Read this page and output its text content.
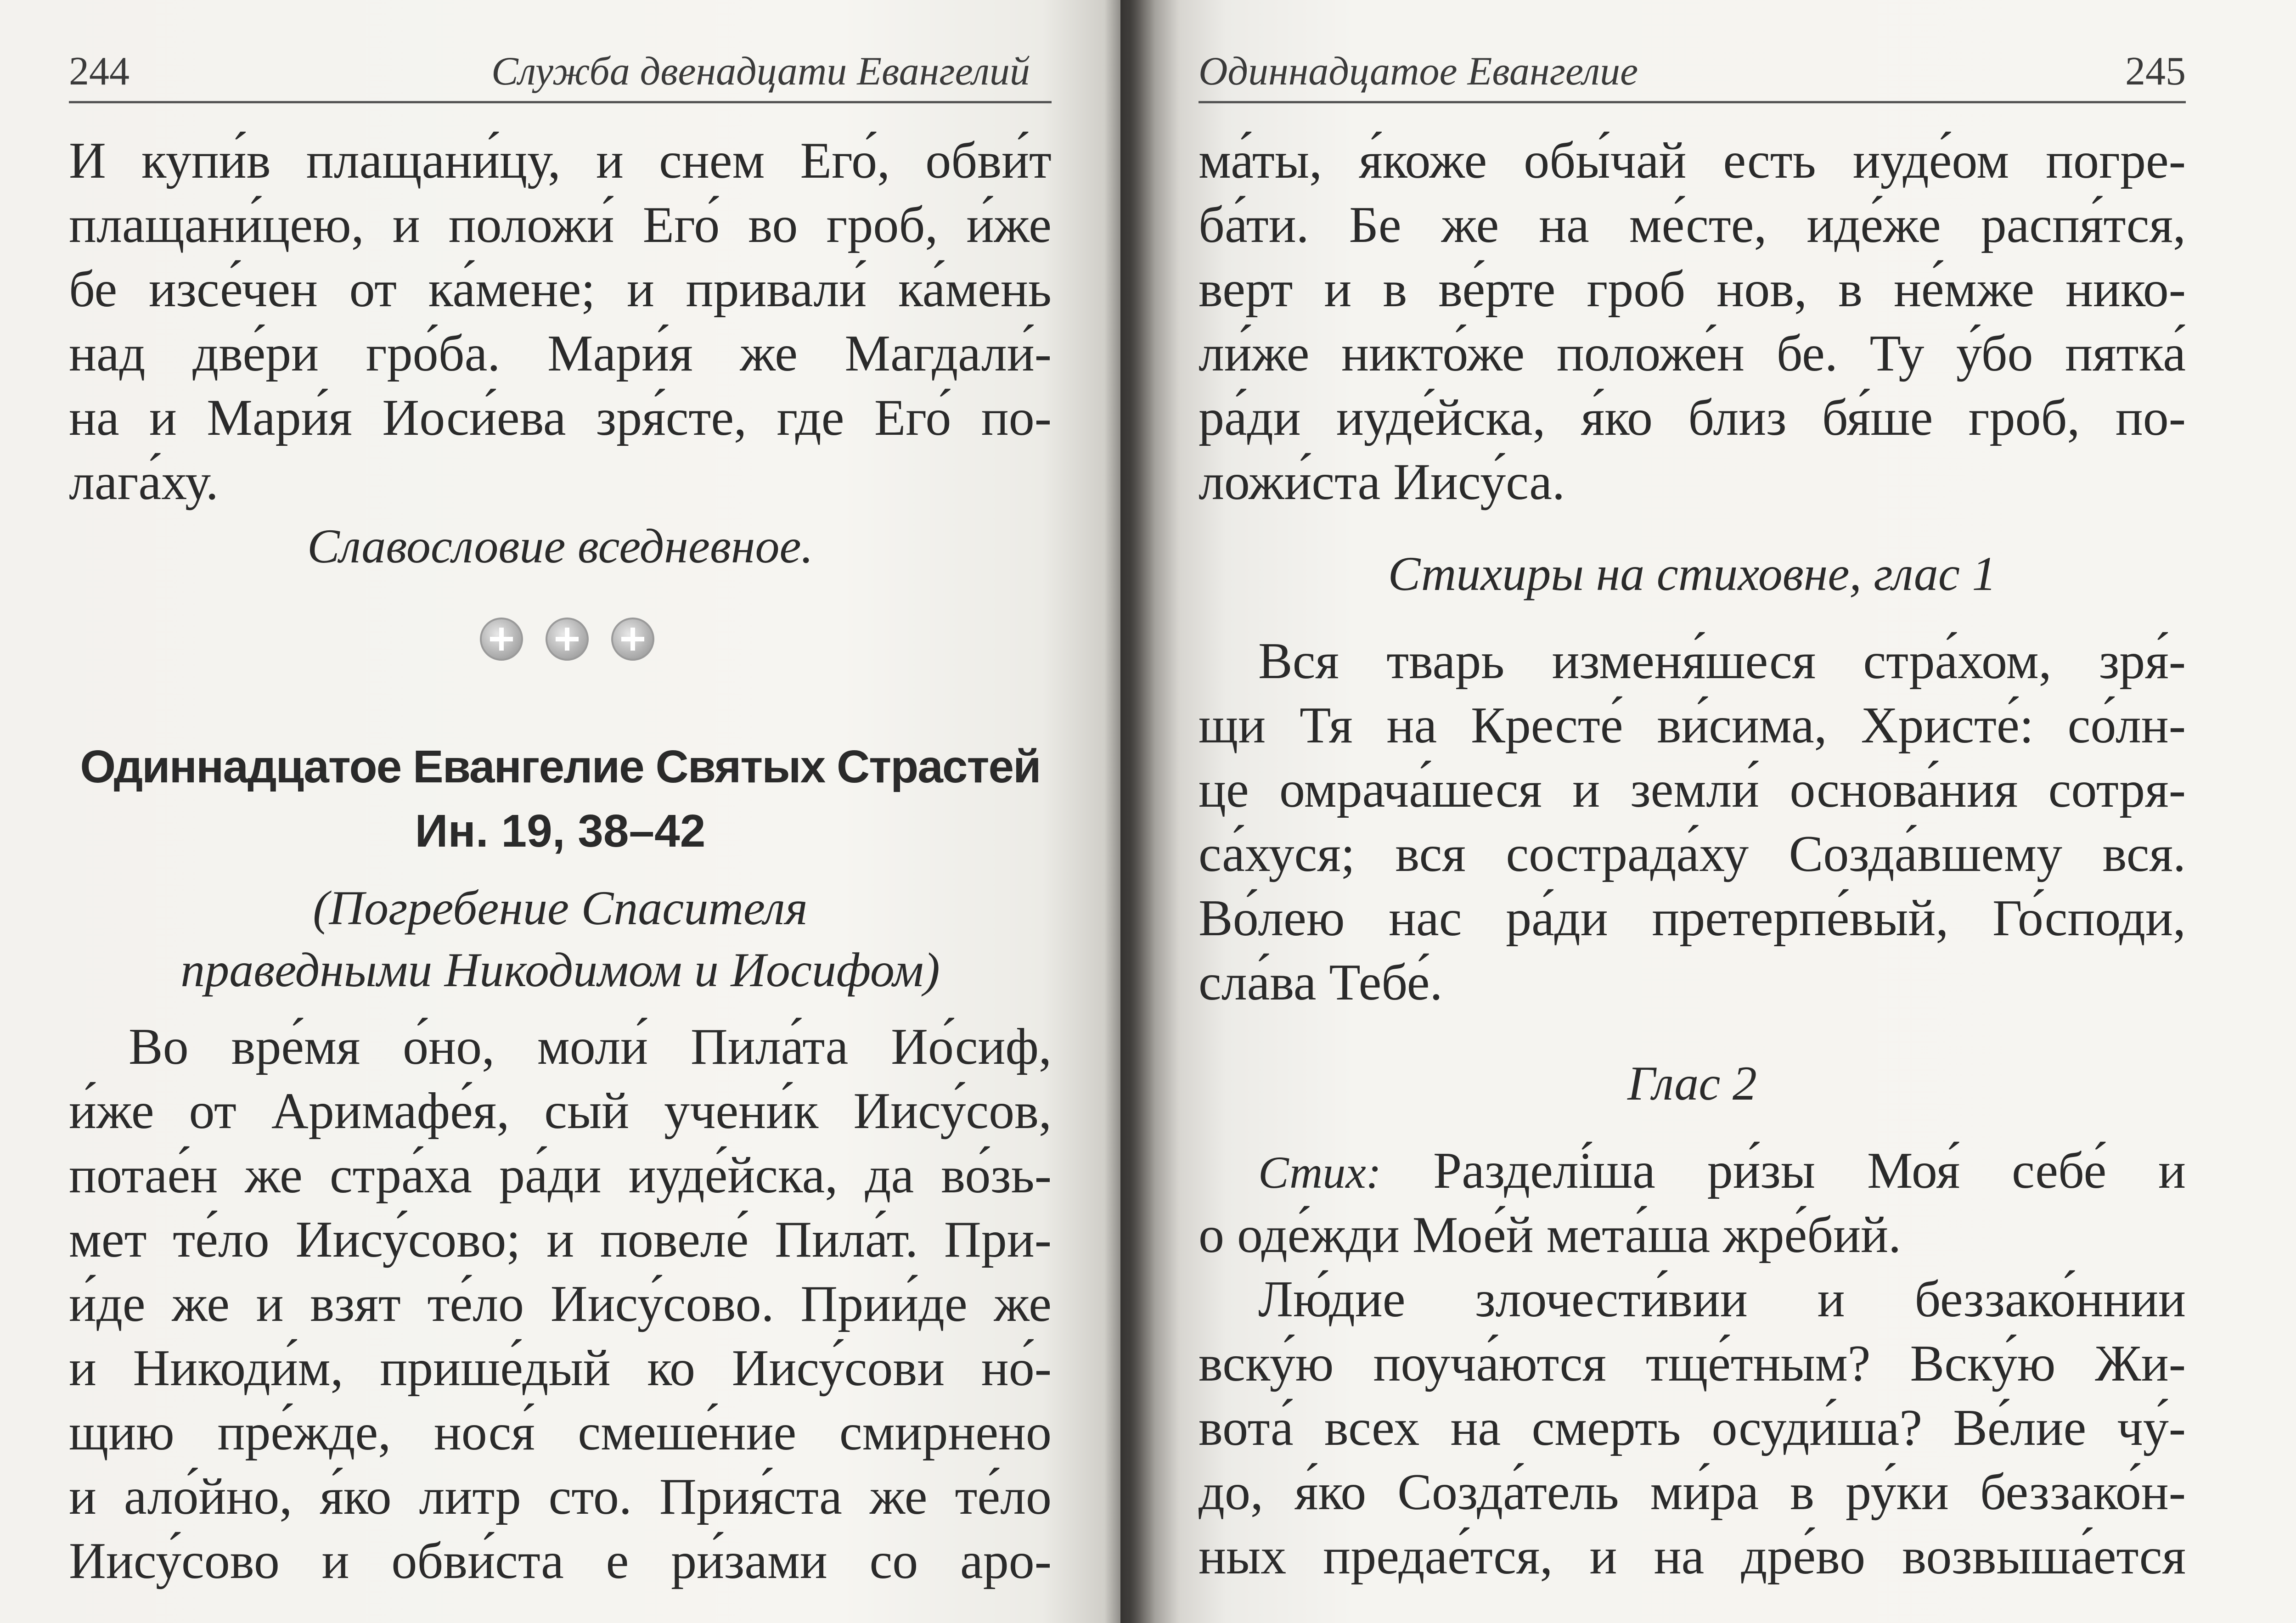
244	Служба двенадцати Евангелий
И купи́в плащани́цу, и снем Его́, обви́т
плащани́цею, и положи́ Его́ во гроб, и́же
бе изсе́чен от ка́мене; и привали́ ка́мень
над две́ри гро́ба. Мари́я же Магдали́-
на и Мари́я Иоси́ева зря́сте, где Его́ по-
лага́ху.
Славословие вседневное.
Одиннадцатое Евангелие Святых Страстей
Ин. 19, 38–42
(Погребение Спасителя
праведными Никодимом и Иосифом)
Во вре́мя о́но, моли́ Пила́та Ио́сиф,
и́же от Аримафе́я, сый учени́к Иису́сов,
потае́н же стра́ха ра́ди иуде́йска, да во́зь-
мет те́ло Иису́сово; и повеле́ Пила́т. При-
и́де же и взят те́ло Иису́сово. Прии́де же
и Никоди́м, прише́дый ко Иису́сови но́-
щию пре́жде, нося́ смеше́ние смирнено
и ало́йно, я́ко литр сто. Прия́ста же те́ло
Иису́сово и обви́ста е ри́зами со аро-
Одиннадцатое Евангелие	245
ма́ты, я́коже обы́чай есть иуде́ом погре-
ба́ти. Бе же на ме́сте, иде́же распя́тся,
верт и в ве́рте гроб нов, в не́мже нико-
ли́же никто́же положе́н бе. Ту у́бо пятка́
ра́ди иуде́йска, я́ко близ бя́ше гроб, по-
ложи́ста Иису́са.
Стихиры на стиховне, глас 1
Вся тварь изменя́шеся стра́хом, зря́-
щи Тя на Кресте́ ви́сима, Христе́: со́лн-
це омрача́шеся и земли́ основа́ния сотря-
са́хуся; вся сострада́ху Созда́вшему вся.
Во́лею нас ра́ди претерпе́вый, Го́споди,
сла́ва Тебе́.
Глас 2
Стих: Разделі́ша ри́зы Моя́ себе́ и
о оде́жди Мое́й мета́ша жре́бий.
Лю́дие злочести́вии и беззако́ннии
вску́ю поуча́ются тще́тным? Вску́ю Жи-
вота́ всех на смерть осуди́ша? Ве́лие чу́-
до, я́ко Созда́тель ми́ра в ру́ки беззако́н-
ных предае́тся, и на дре́во возвыша́ется
